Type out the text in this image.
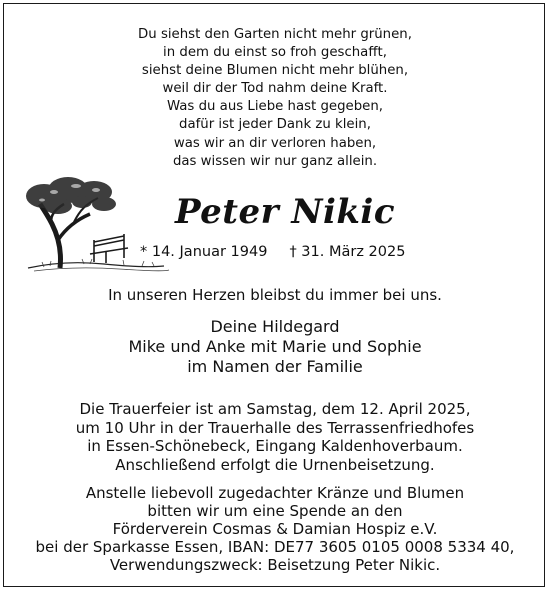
Du siehst den Garten nicht mehr grünen,
in dem du einst so froh geschafft,
siehst deine Blumen nicht mehr blühen,
weil dir der Tod nahm deine Kraft.
Was du aus Liebe hast gegeben,
dafür ist jeder Dank zu klein,
was wir an dir verloren haben,
das wissen wir nur ganz allein.
Peter Nikic
* 14. Januar 1949 † 31. März 2025
In unseren Herzen bleibst du immer bei uns.
Deine Hildegard
Mike und Anke mit Marie und Sophie
im Namen der Familie
Die Trauerfeier ist am Samstag, dem 12. April 2025,
um 10 Uhr in der Trauerhalle des Terrassenfriedhofes
in Essen-Schönebeck, Eingang Kaldenhoverbaum.
Anschließend erfolgt die Urnenbeisetzung.
Anstelle liebevoll zugedachter Kränze und Blumen
bitten wir um eine Spende an den
Förderverein Cosmas & Damian Hospiz e.V.
bei der Sparkasse Essen, IBAN: DE77 3605 0105 0008 5334 40,
Verwendungszweck: Beisetzung Peter Nikic.
